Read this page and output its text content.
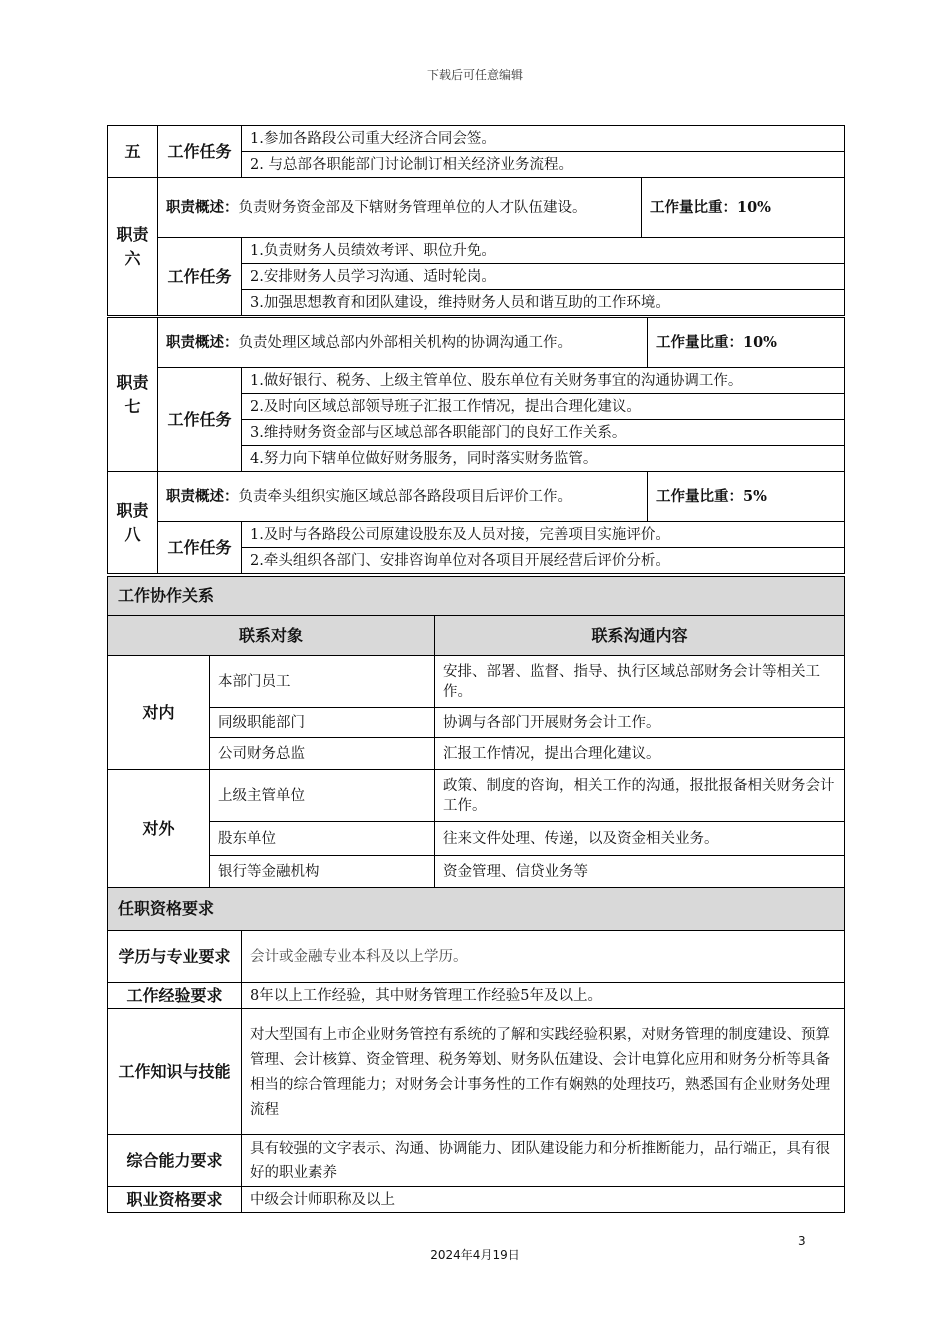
下载后可任意编辑
五	工作任务	1.参加各路段公司重大经济合同会签。	
		2. 与总部各职能部门讨论制订相关经济业务流程。	
职责六	职责概述：负责财务资金部及下辖财务管理单位的人才队伍建设。		工作量比重：10%
	工作任务	1.负责财务人员绩效考评、职位升免。	
		2.安排财务人员学习沟通、适时轮岗。	
		3.加强思想教育和团队建设，维持财务人员和谐互助的工作环境。	
职责七	职责概述：负责处理区域总部内外部相关机构的协调沟通工作。		工作量比重：10%
	工作任务	1.做好银行、税务、上级主管单位、股东单位有关财务事宜的沟通协调工作。	
		2.及时向区域总部领导班子汇报工作情况，提出合理化建议。	
		3.维持财务资金部与区域总部各职能部门的良好工作关系。	
		4.努力向下辖单位做好财务服务，同时落实财务监管。	
职责八	职责概述：负责牵头组织实施区域总部各路段项目后评价工作。		工作量比重：5%
	工作任务	1.及时与各路段公司原建设股东及人员对接，完善项目实施评价。	
		2.牵头组织各部门、安排咨询单位对各项目开展经营后评价分析。	
工作协作关系		
联系对象		联系沟通内容
对内	本部门员工	安排、部署、监督、指导、执行区域总部财务会计等相关工作。
	同级职能部门	协调与各部门开展财务会计工作。
	公司财务总监	汇报工作情况，提出合理化建议。
对外	上级主管单位	政策、制度的咨询，相关工作的沟通，报批报备相关财务会计工作。
	股东单位	往来文件处理、传递，以及资金相关业务。
	银行等金融机构	资金管理、信贷业务等
任职资格要求	
学历与专业要求	会计或金融专业本科及以上学历。
工作经验要求	8年以上工作经验，其中财务管理工作经验5年及以上。
工作知识与技能	对大型国有上市企业财务管控有系统的了解和实践经验积累，对财务管理的制度建设、预算管理、会计核算、资金管理、税务筹划、财务队伍建设、会计电算化应用和财务分析等具备相当的综合管理能力；对财务会计事务性的工作有娴熟的处理技巧，熟悉国有企业财务处理流程
综合能力要求	具有较强的文字表示、沟通、协调能力、团队建设能力和分析推断能力，品行端正，具有很好的职业素养
职业资格要求	中级会计师职称及以上
3
2024年4月19日
